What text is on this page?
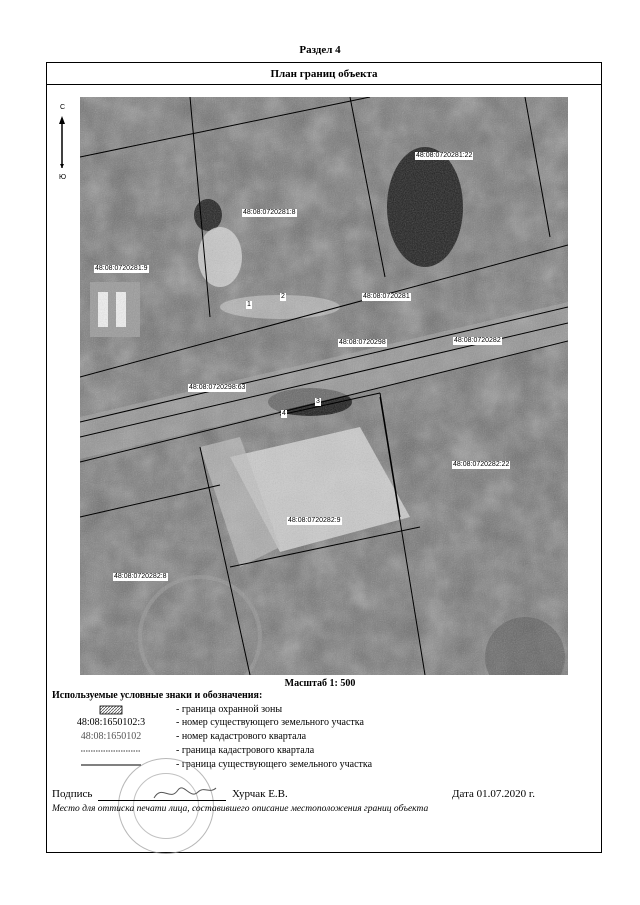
Раздел 4
План границ объекта
С
Ю
48:08:0720281:22
48:08:0720281:8
48:08:0720281:9
48:08:0720281
48:08:0720298	48:08:0720282
48:08:0720298:63
48:08:0720282:22
48:08:0720282:9
48:08:0720282:8
1
2
3
4
Масштаб 1: 500
Используемые условные знаки и обозначения:
- граница охранной зоны
48:08:1650102:3	- номер существующего земельного участка
48:08:1650102	- номер кадастрового квартала
- граница кадастрового квартала
- граница существующего земельного участка
Подпись	Хурчак Е.В.	Дата 01.07.2020 г.
Место для оттиска печати лица, составившего описание местоположения границ объекта
